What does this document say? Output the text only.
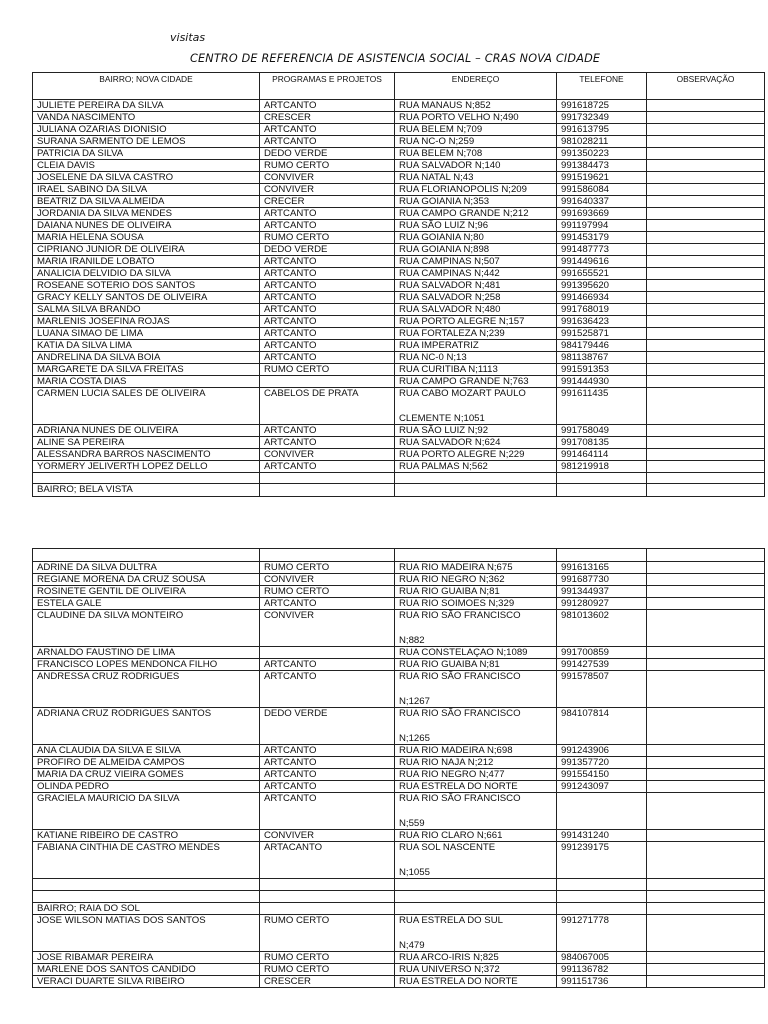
visitas
CENTRO DE REFERENCIA DE ASISTENCIA SOCIAL – CRAS NOVA CIDADE
BAIRRO; NOVA CIDADE	PROGRAMAS E PROJETOS	ENDEREÇO	TELEFONE	OBSERVAÇÃO
JULIETE PEREIRA DA SILVA	ARTCANTO	RUA MANAUS N;852	991618725	
VANDA NASCIMENTO	CRESCER	RUA PORTO VELHO N;490	991732349	
JULIANA OZARIAS DIONISIO	ARTCANTO	RUA BELEM N;709	991613795	
SURANA SARMENTO DE LEMOS	ARTCANTO	RUA NC-O N;259	981028211	
PATRICIA DA SILVA	DEDO VERDE	RUA BELEM N;708	991350223	
CLEIA DAVIS	RUMO CERTO	RUA SALVADOR N;140	991384473	
JOSELENE DA SILVA CASTRO	CONVIVER	RUA NATAL N;43	991519621	
IRAEL SABINO DA SILVA	CONVIVER	RUA FLORIANOPOLIS N;209	991586084	
BEATRIZ DA SILVA ALMEIDA	CRECER	RUA GOIANIA N;353	991640337	
JORDANIA DA SILVA MENDES	ARTCANTO	RUA CAMPO GRANDE N;212	991693669	
DAIANA NUNES DE OLIVEIRA	ARTCANTO	RUA SÃO LUIZ N;96	991197994	
MARIA HELENA SOUSA	RUMO CERTO	RUA GOIANIA N;80	991453179	
CIPRIANO JUNIOR DE OLIVEIRA	DEDO VERDE	RUA GOIANIA N;898	991487773	
MARIA IRANILDE LOBATO	ARTCANTO	RUA CAMPINAS N;507	991449616	
ANALICIA DELVIDIO DA SILVA	ARTCANTO	RUA CAMPINAS N;442	991655521	
ROSEANE SOTERIO DOS SANTOS	ARTCANTO	RUA SALVADOR N;481	991395620	
GRACY KELLY SANTOS DE OLIVEIRA	ARTCANTO	RUA SALVADOR N;258	991466934	
SALMA SILVA BRANDO	ARTCANTO	RUA SALVADOR N;480	991768019	
MARLENIS JOSEFINA ROJAS	ARTCANTO	RUA PORTO ALEGRE N;157	991636423	
LUANA SIMAO DE LIMA	ARTCANTO	RUA FORTALEZA N;239	991525871	
KATIA DA SILVA LIMA	ARTCANTO	RUA IMPERATRIZ	984179446	
ANDRELINA DA SILVA BOIA	ARTCANTO	RUA NC-0 N;13	981138767	
MARGARETE DA SILVA FREITAS	RUMO CERTO	RUA CURITIBA N;1113	991591353	
MARIA COSTA DIAS		RUA CAMPO GRANDE N;763	991444930	
CARMEN LUCIA SALES DE OLIVEIRA	CABELOS DE PRATA	RUA CABO MOZART PAULO
CLEMENTE N;1051	991611435	
ADRIANA NUNES DE OLIVEIRA	ARTCANTO	RUA SÃO LUIZ N;92	991758049	
ALINE SA PEREIRA	ARTCANTO	RUA SALVADOR N;624	991708135	
ALESSANDRA BARROS NASCIMENTO	CONVIVER	RUA PORTO ALEGRE N;229	991464114	
YORMERY JELIVERTH LOPEZ DELLO	ARTCANTO	RUA PALMAS N;562	981219918	

BAIRRO; BELA VISTA				

ADRINE DA SILVA DULTRA	RUMO CERTO	RUA RIO MADEIRA N;675	991613165	
REGIANE MORENA DA CRUZ SOUSA	CONVIVER	RUA RIO NEGRO N;362	991687730	
ROSINETE GENTIL DE OLIVEIRA	RUMO CERTO	RUA RIO GUAIBA N;81	991344937	
ESTELA GALE	ARTCANTO	RUA RIO SOIMOES N;329	991280927	
CLAUDINE DA SILVA MONTEIRO	CONVIVER	RUA RIO SÃO FRANCISCO
N;882	981013602	
ARNALDO FAUSTINO DE LIMA		RUA CONSTELAÇAO N;1089	991700859	
FRANCISCO LOPES MENDONCA FILHO	ARTCANTO	RUA RIO GUAIBA N;81	991427539	
ANDRESSA CRUZ RODRIGUES	ARTCANTO	RUA RIO SÃO FRANCISCO
N;1267	991578507	
ADRIANA CRUZ RODRIGUES SANTOS	DEDO VERDE	RUA RIO SÃO FRANCISCO
N;1265	984107814	
ANA CLAUDIA DA SILVA E SILVA	ARTCANTO	RUA RIO MADEIRA N;698	991243906	
PROFIRO DE ALMEIDA CAMPOS	ARTCANTO	RUA RIO NAJA N;212	991357720	
MARIA DA CRUZ VIEIRA GOMES	ARTCANTO	RUA RIO NEGRO N;477	991554150	
OLINDA PEDRO	ARTCANTO	RUA ESTRELA DO NORTE	991243097	
GRACIELA MAURICIO DA SILVA	ARTCANTO	RUA RIO SÃO FRANCISCO
N;559		

KATIANE RIBEIRO DE CASTRO	CONVIVER	RUA RIO CLARO N;661	991431240	
FABIANA CINTHIA DE CASTRO MENDES	ARTACANTO	RUA SOL NASCENTE
N;1055	991239175	

BAIRRO; RAIA DO SOL				
JOSE WILSON MATIAS DOS SANTOS	RUMO CERTO	RUA ESTRELA DO SUL
N;479	991271778	
JOSE RIBAMAR PEREIRA	RUMO CERTO	RUA ARCO-IRIS N;825	984067005	
MARLENE DOS SANTOS CANDIDO	RUMO CERTO	RUA UNIVERSO N;372	991136782	
VERACI DUARTE SILVA RIBEIRO	CRESCER	RUA ESTRELA DO NORTE	991151736	
